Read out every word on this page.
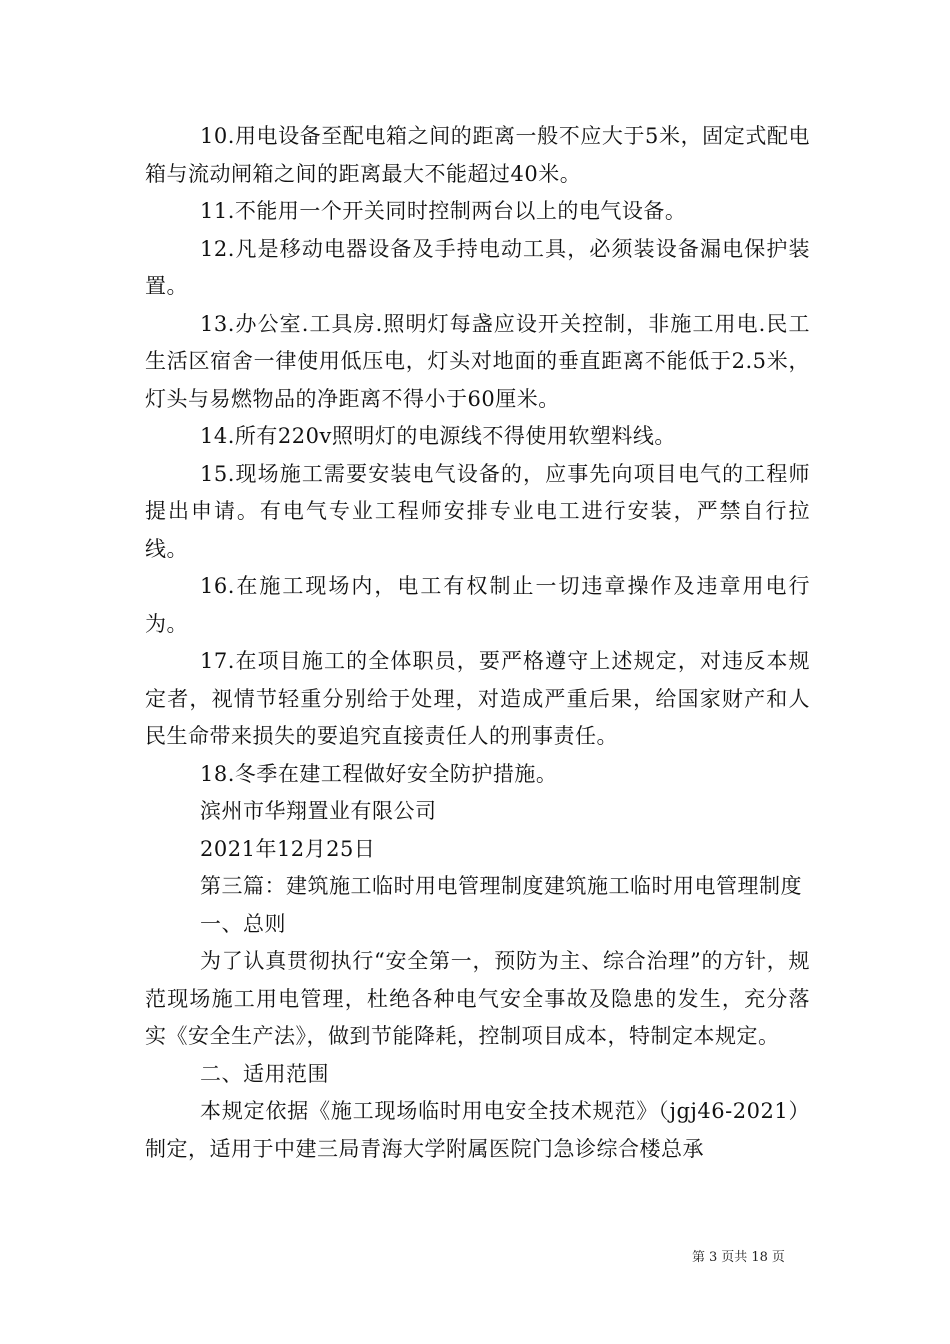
10.用电设备至配电箱之间的距离一般不应大于5米，固定式配电箱与流动闸箱之间的距离最大不能超过40米。

11.不能用一个开关同时控制两台以上的电气设备。

12.凡是移动电器设备及手持电动工具，必须装设备漏电保护装置。

13.办公室.工具房.照明灯每盏应设开关控制，非施工用电.民工生活区宿舍一律使用低压电，灯头对地面的垂直距离不能低于2.5米，灯头与易燃物品的净距离不得小于60厘米。

14.所有220v照明灯的电源线不得使用软塑料线。

15.现场施工需要安装电气设备的，应事先向项目电气的工程师提出申请。有电气专业工程师安排专业电工进行安装，严禁自行拉线。

16.在施工现场内，电工有权制止一切违章操作及违章用电行为。

17.在项目施工的全体职员，要严格遵守上述规定，对违反本规定者，视情节轻重分别给于处理，对造成严重后果，给国家财产和人民生命带来损失的要追究直接责任人的刑事责任。

18.冬季在建工程做好安全防护措施。

滨州市华翔置业有限公司

2021年12月25日

第三篇：建筑施工临时用电管理制度建筑施工临时用电管理制度

一、总则

为了认真贯彻执行“安全第一，预防为主、综合治理”的方针，规范现场施工用电管理，杜绝各种电气安全事故及隐患的发生，充分落实《安全生产法》，做到节能降耗，控制项目成本，特制定本规定。

二、适用范围

本规定依据《施工现场临时用电安全技术规范》（jgj46-2021）制定，适用于中建三局青海大学附属医院门急诊综合楼总承

第 3 页共 18 页
